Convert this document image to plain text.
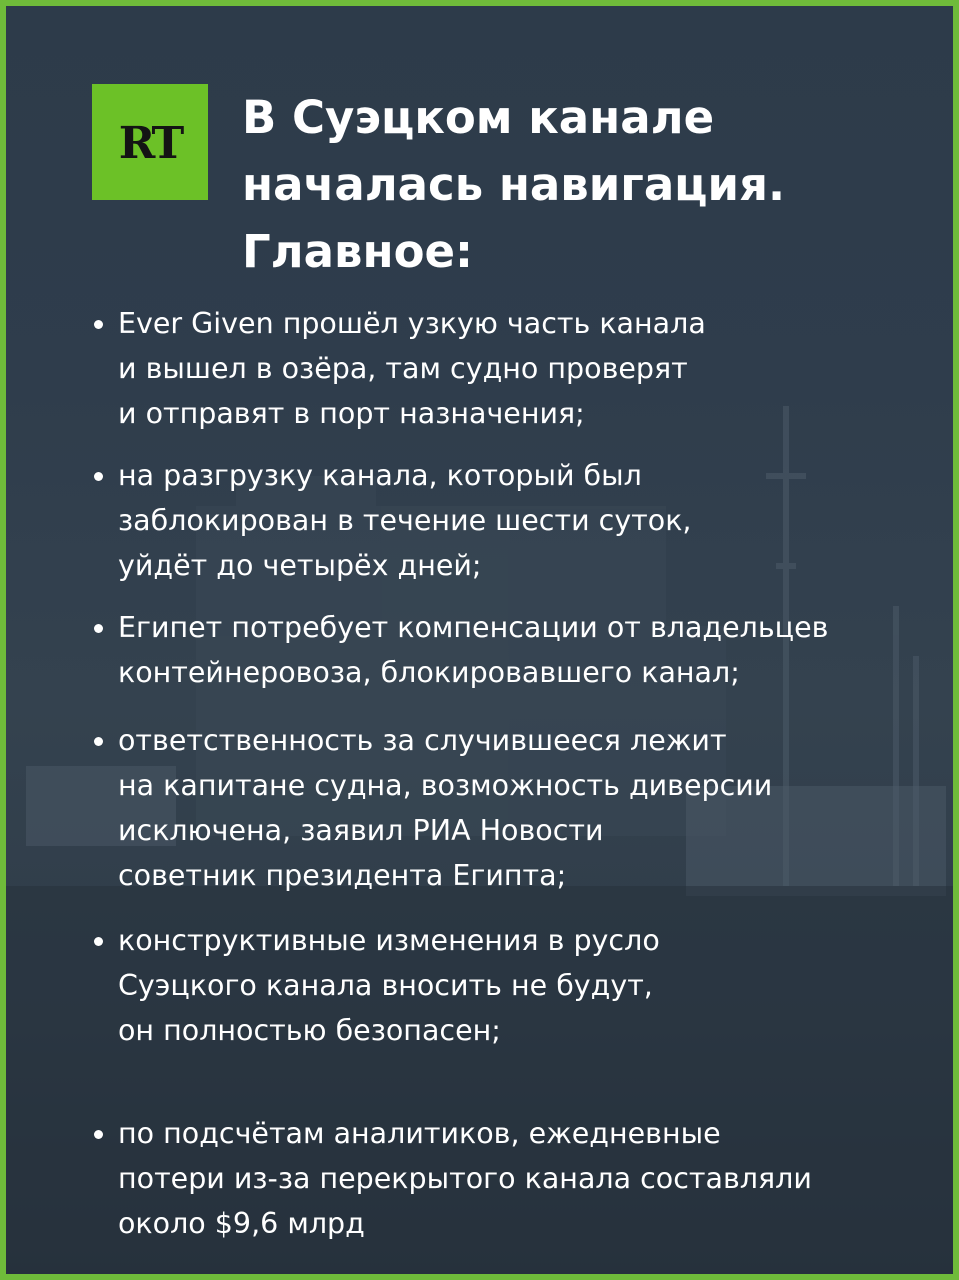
RT В Суэцком канале
началась навигация.
Главное:
Ever Given прошёл узкую часть канала
и вышел в озёра, там судно проверят
и отправят в порт назначения;
на разгрузку канала, который был
заблокирован в течение шести суток,
уйдёт до четырёх дней;
Египет потребует компенсации от владельцев
контейнеровоза, блокировавшего канал;
ответственность за случившееся лежит
на капитане судна, возможность диверсии
исключена, заявил РИА Новости
советник президента Египта;
конструктивные изменения в русло
Суэцкого канала вносить не будут,
он полностью безопасен;
по подсчётам аналитиков, ежедневные
потери из-за перекрытого канала составляли
около $9,6 млрд
